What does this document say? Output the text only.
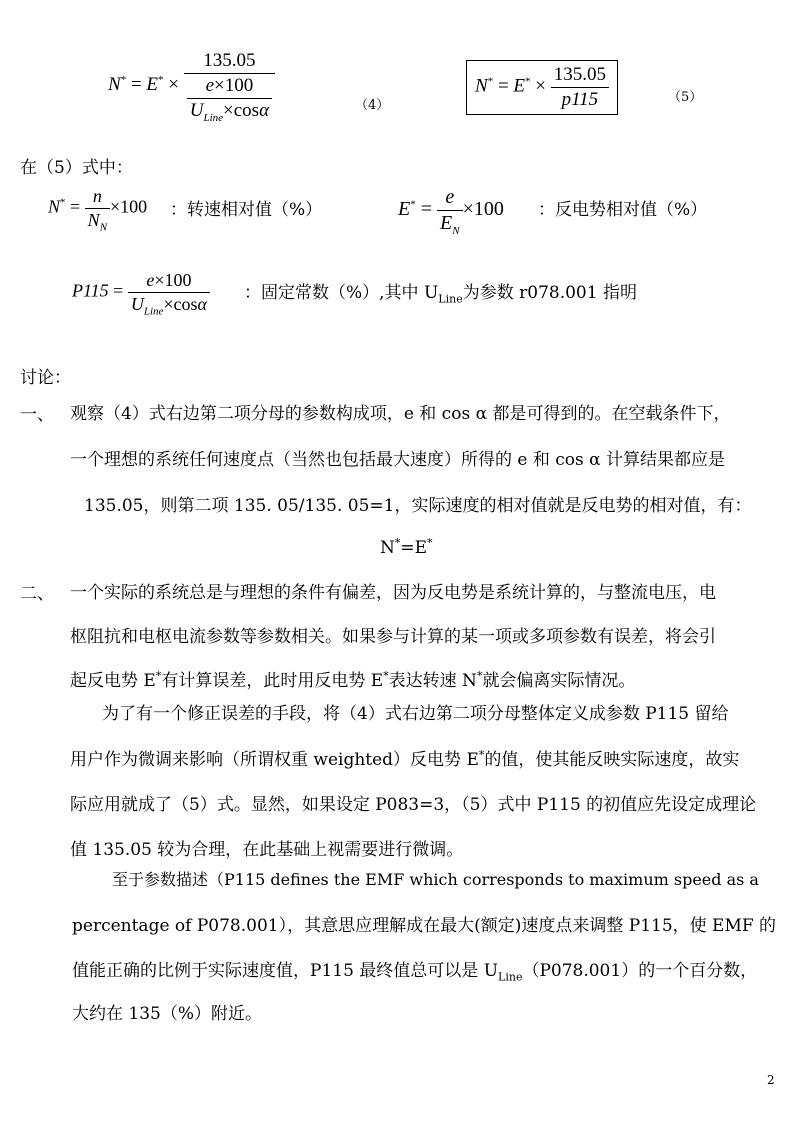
$N^* = E^* \times \frac{135.05}{\frac{e\times 100}{U_{Line}\times\cos\alpha}}$	（4）
$N^* = E^* \times \frac{135.05}{p115}$	（5）
在（5）式中：
$N^* = \frac{n}{N_N} \times 100$ ：转速相对值（%）	$E^* = \frac{e}{E_N} \times 100$ ：反电势相对值（%）
$P115 = \frac{e\times 100}{U_{Line}\times\cos\alpha}$ ：固定常数（%）,其中 $U_{Line}$为参数 r078.001 指明
讨论：
一、 观察（4）式右边第二项分母的参数构成项，e 和 cos α 都是可得到的。在空载条件下，
一个理想的系统任何速度点（当然也包括最大速度）所得的 e 和 cos α 计算结果都应是
135.05，则第二项 135. 05/135. 05=1，实际速度的相对值就是反电势的相对值，有：
N*=E*
二、 一个实际的系统总是与理想的条件有偏差，因为反电势是系统计算的，与整流电压，电
枢阻抗和电枢电流参数等参数相关。如果参与计算的某一项或多项参数有误差，将会引
起反电势 E*有计算误差，此时用反电势 E*表达转速 N*就会偏离实际情况。
为了有一个修正误差的手段，将（4）式右边第二项分母整体定义成参数 P115 留给
用户作为微调来影响（所谓权重 weighted）反电势 E*的值，使其能反映实际速度，故实
际应用就成了（5）式。显然，如果设定 P083=3，（5）式中 P115 的初值应先设定成理论
值 135.05 较为合理，在此基础上视需要进行微调。
至于参数描述（P115 defines the EMF which corresponds to maximum speed as a
percentage of P078.001），其意思应理解成在最大(额定)速度点来调整 P115，使 EMF 的
值能正确的比例于实际速度值，P115 最终值总可以是 $U_{Line}(P078.001)$的一个百分数，
大约在 135（%）附近。
2
